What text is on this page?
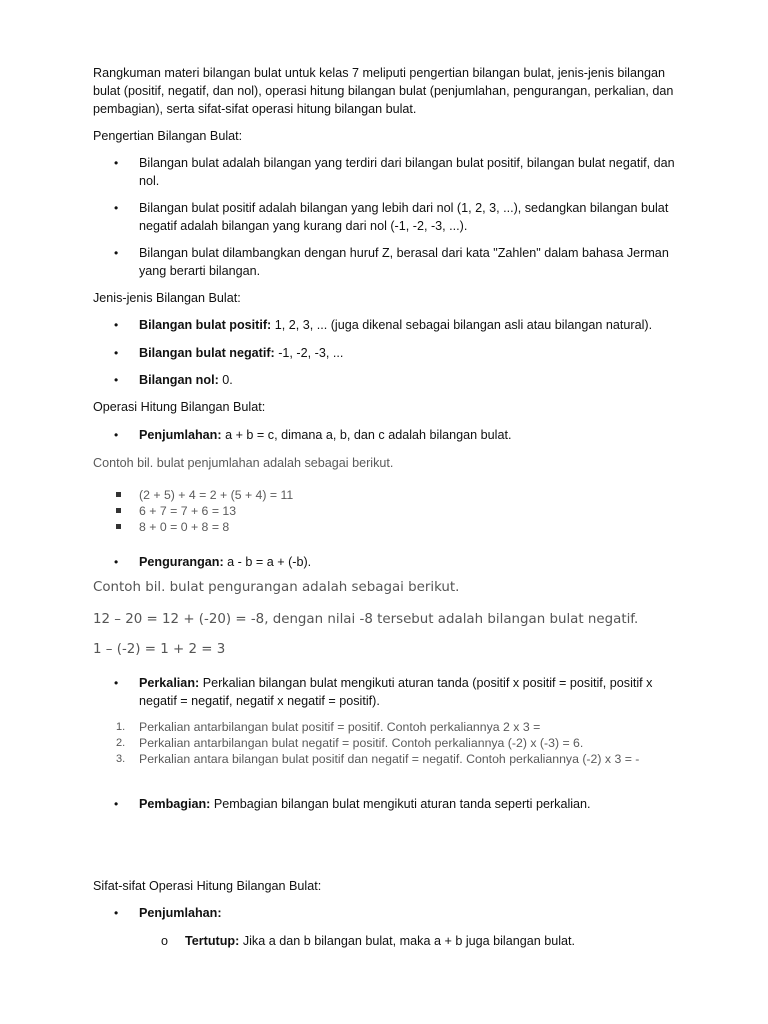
Rangkuman materi bilangan bulat untuk kelas 7 meliputi pengertian bilangan bulat, jenis-jenis bilangan bulat (positif, negatif, dan nol), operasi hitung bilangan bulat (penjumlahan, pengurangan, perkalian, dan pembagian), serta sifat-sifat operasi hitung bilangan bulat.

Pengertian Bilangan Bulat:

•	Bilangan bulat adalah bilangan yang terdiri dari bilangan bulat positif, bilangan bulat negatif, dan nol.
•	Bilangan bulat positif adalah bilangan yang lebih dari nol (1, 2, 3, ...), sedangkan bilangan bulat negatif adalah bilangan yang kurang dari nol (-1, -2, -3, ...).
•	Bilangan bulat dilambangkan dengan huruf Z, berasal dari kata "Zahlen" dalam bahasa Jerman yang berarti bilangan.

Jenis-jenis Bilangan Bulat:

•	Bilangan bulat positif: 1, 2, 3, ... (juga dikenal sebagai bilangan asli atau bilangan natural).
•	Bilangan bulat negatif: -1, -2, -3, ...
•	Bilangan nol: 0.

Operasi Hitung Bilangan Bulat:

•	Penjumlahan: a + b = c, dimana a, b, dan c adalah bilangan bulat.

Contoh bil. bulat penjumlahan adalah sebagai berikut.

(2 + 5) + 4 = 2 + (5 + 4) = 11
6 + 7 = 7 + 6 = 13
8 + 0 = 0 + 8 = 8
•	Pengurangan: a - b = a + (-b).

Contoh bil. bulat pengurangan adalah sebagai berikut.

12 – 20 = 12 + (-20) = -8, dengan nilai -8 tersebut adalah bilangan bulat negatif.

1 – (-2) = 1 + 2 = 3

•	Perkalian: Perkalian bilangan bulat mengikuti aturan tanda (positif x positif = positif, positif x negatif = negatif, negatif x negatif = positif).
1. Perkalian antarbilangan bulat positif = positif. Contoh perkaliannya 2 x 3 =
2. Perkalian antarbilangan bulat negatif = positif. Contoh perkaliannya (-2) x (-3) = 6.
3. Perkalian antara bilangan bulat positif dan negatif = negatif. Contoh perkaliannya (-2) x 3 = -
•	Pembagian: Pembagian bilangan bulat mengikuti aturan tanda seperti perkalian.

Sifat-sifat Operasi Hitung Bilangan Bulat:

•	Penjumlahan:
o Tertutup: Jika a dan b bilangan bulat, maka a + b juga bilangan bulat.
